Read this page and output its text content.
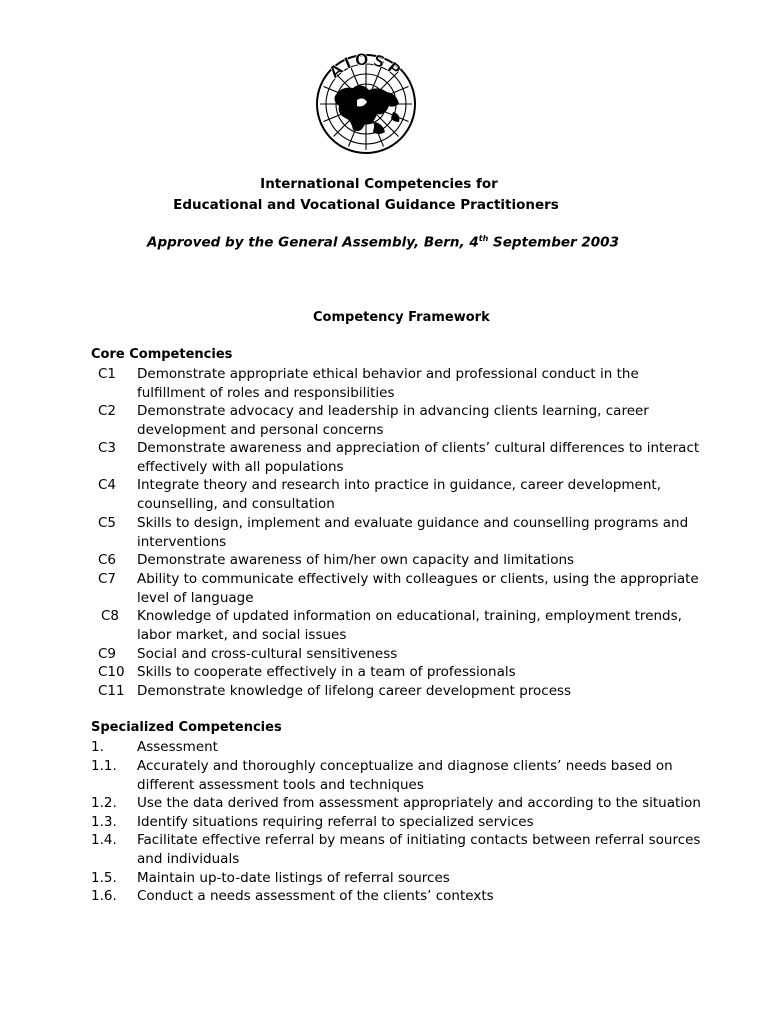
AIOSP
International Competencies for
Educational and Vocational Guidance Practitioners
Approved by the General Assembly, Bern, 4th September 2003
Competency Framework
Core Competencies
C1 Demonstrate appropriate ethical behavior and professional conduct in the fulfillment of roles and responsibilities
C2 Demonstrate advocacy and leadership in advancing clients learning, career development and personal concerns
C3 Demonstrate awareness and appreciation of clients’ cultural differences to interact effectively with all populations
C4 Integrate theory and research into practice in guidance, career development, counselling, and consultation
C5 Skills to design, implement and evaluate guidance and counselling programs and interventions
C6 Demonstrate awareness of him/her own capacity and limitations
C7 Ability to communicate effectively with colleagues or clients, using the appropriate level of language
C8 Knowledge of updated information on educational, training, employment trends, labor market, and social issues
C9 Social and cross-cultural sensitiveness
C10 Skills to cooperate effectively in a team of professionals
C11 Demonstrate knowledge of lifelong career development process
Specialized Competencies
1. Assessment
1.1. Accurately and thoroughly conceptualize and diagnose clients’ needs based on different assessment tools and techniques
1.2. Use the data derived from assessment appropriately and according to the situation
1.3. Identify situations requiring referral to specialized services
1.4. Facilitate effective referral by means of initiating contacts between referral sources and individuals
1.5. Maintain up-to-date listings of referral sources
1.6. Conduct a needs assessment of the clients’ contexts
